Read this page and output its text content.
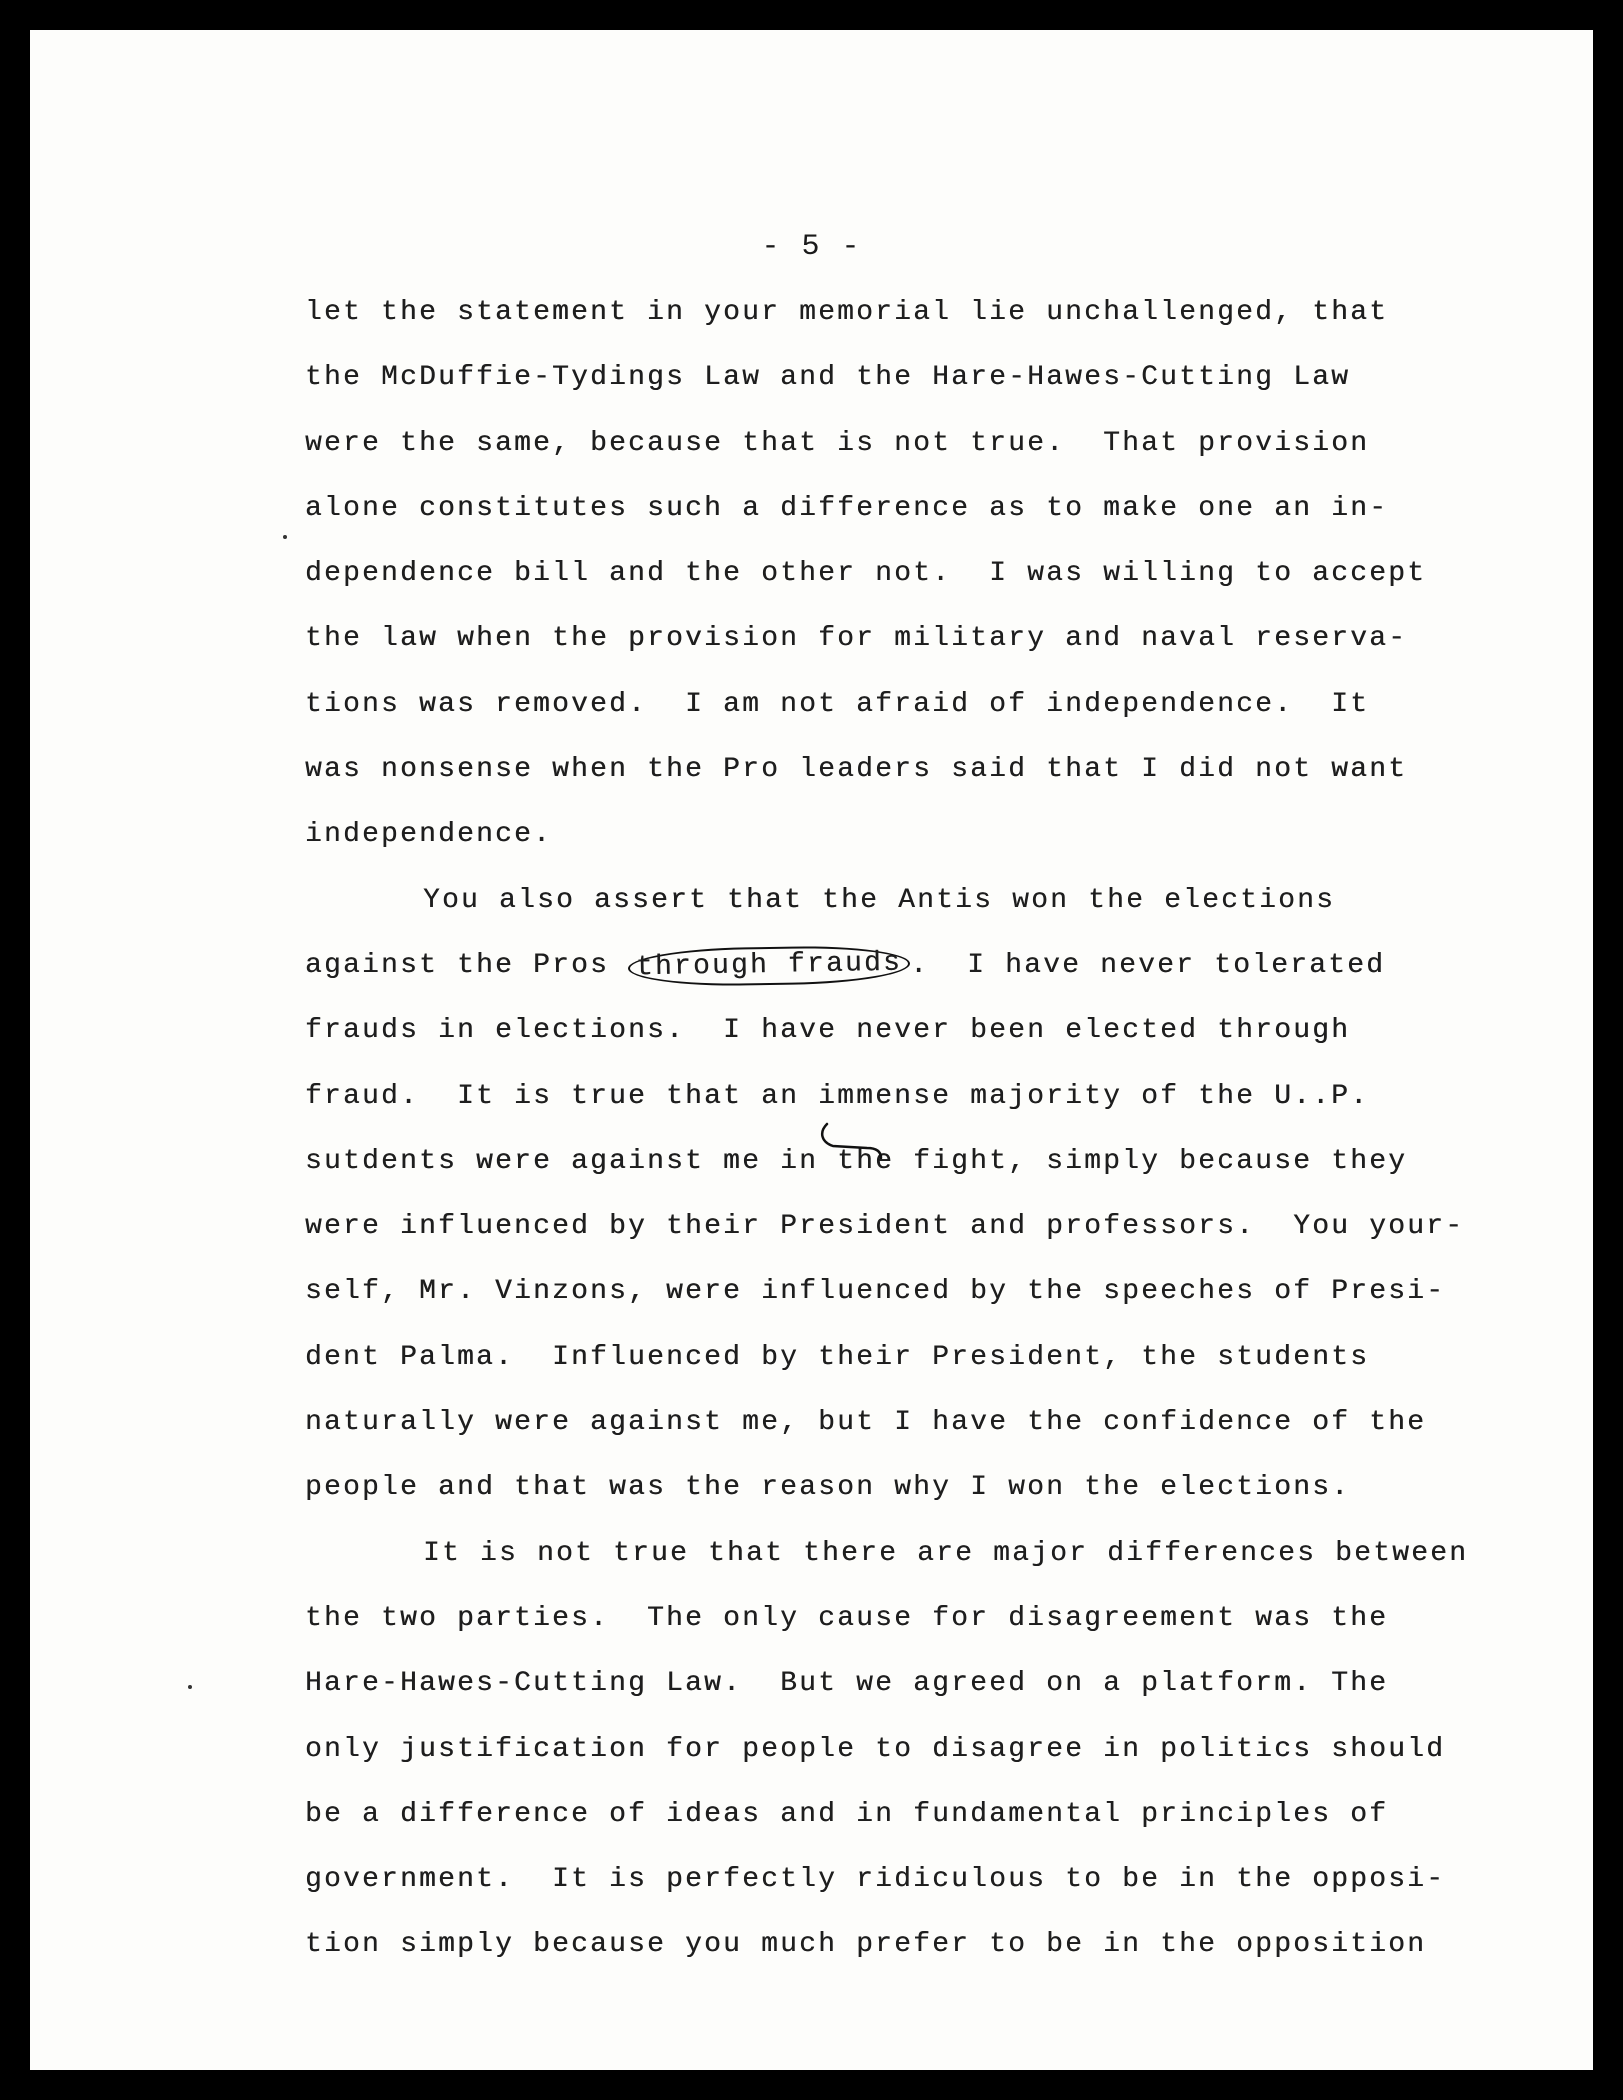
- 5 -
let the statement in your memorial lie unchallenged, that
the McDuffie-Tydings Law and the Hare-Hawes-Cutting Law
were the same, because that is not true.  That provision
alone constitutes such a difference as to make one an in-
dependence bill and the other not.  I was willing to accept
the law when the provision for military and naval reserva-
tions was removed.  I am not afraid of independence.  It
was nonsense when the Pro leaders said that I did not want
independence.
You also assert that the Antis won the elections
against the Pros through frauds .  I have never tolerated
frauds in elections.  I have never been elected through
fraud.  It is true that an immense majority of the U..P.
sutdents were against me in the fight, simply because they
were influenced by their President and professors.  You your-
self, Mr. Vinzons, were influenced by the speeches of Presi-
dent Palma.  Influenced by their President, the students
naturally were against me, but I have the confidence of the
people and that was the reason why I won the elections.
It is not true that there are major differences between
the two parties.  The only cause for disagreement was the
Hare-Hawes-Cutting Law.  But we agreed on a platform. The
only justification for people to disagree in politics should
be a difference of ideas and in fundamental principles of
government.  It is perfectly ridiculous to be in the opposi-
tion simply because you much prefer to be in the opposition
